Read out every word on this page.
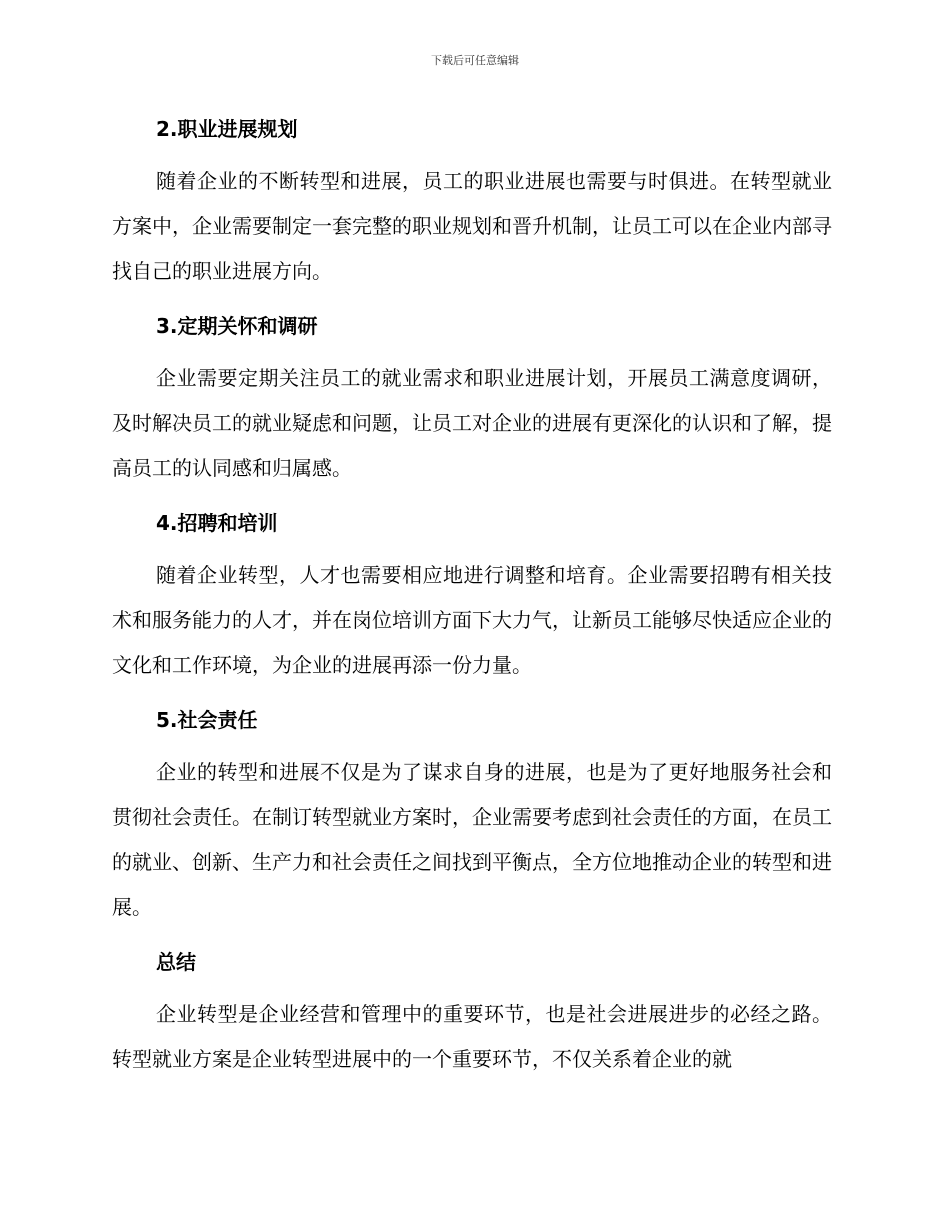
下载后可任意编辑
2.职业进展规划

随着企业的不断转型和进展，员工的职业进展也需要与时俱进。在转型就业方案中，企业需要制定一套完整的职业规划和晋升机制，让员工可以在企业内部寻找自己的职业进展方向。

3.定期关怀和调研

企业需要定期关注员工的就业需求和职业进展计划，开展员工满意度调研，及时解决员工的就业疑虑和问题，让员工对企业的进展有更深化的认识和了解，提高员工的认同感和归属感。

4.招聘和培训

随着企业转型，人才也需要相应地进行调整和培育。企业需要招聘有相关技术和服务能力的人才，并在岗位培训方面下大力气，让新员工能够尽快适应企业的文化和工作环境，为企业的进展再添一份力量。

5.社会责任

企业的转型和进展不仅是为了谋求自身的进展，也是为了更好地服务社会和贯彻社会责任。在制订转型就业方案时，企业需要考虑到社会责任的方面，在员工的就业、创新、生产力和社会责任之间找到平衡点，全方位地推动企业的转型和进展。

总结

企业转型是企业经营和管理中的重要环节，也是社会进展进步的必经之路。转型就业方案是企业转型进展中的一个重要环节，不仅关系着企业的就
